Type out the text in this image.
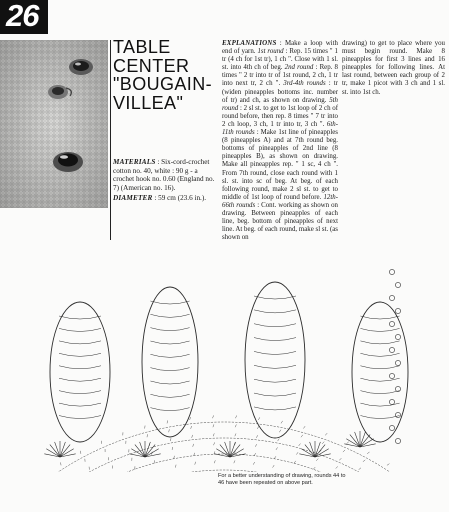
26
TABLE
CENTER
"BOUGAIN-
VILLEA"

MATERIALS : Six-cord-crochet cotton no. 40, white : 90 g - a crochet hook no. 0.60 (England no. 7) (American no. 16).

DIAMETER : 59 cm (23.6 in.).

EXPLANATIONS : Make a loop with end of yarn. 1st round : Rep. 15 times " 1 tr (4 ch for 1st tr), 1 ch ". Close with 1 sl. st. into 4th ch of beg. 2nd round : Rep. 8 times " 2 tr into tr of 1st round, 2 ch, 1 tr into next tr, 2 ch ". 3rd-4th rounds : tr (widen pineapples bottoms inc. number of tr) and ch, as shown on drawing. 5th round : 2 sl st. to get to 1st loop of 2 ch of round before, then rep. 8 times " 7 tr into 2 ch loop, 3 ch, 1 tr into tr, 3 ch ". 6th-11th rounds : Make 1st line of pineapples (8 pineapples A) and at 7th round beg. bottoms of pineapples of 2nd line (8 pineapples B), as shown on drawing. Make all pineapples rep. " 1 sc, 4 ch ". From 7th round, close each round with 1 sl. st. into sc of beg. At beg. of each following round, make 2 sl st. to get to middle of 1st loop of round before. 12th-66th rounds : Cont. working as shown on drawing. Between pineapples of each line, beg. bottom of pineapples of next line. At beg. of each round, make sl st. (as shown on
drawing) to get to place where you must begin round. Make 8 pineapples for first 3 lines and 16 pineapples for following lines. At last round, between each group of 2 tr, make 1 picot with 3 ch and 1 sl. st. into 1st ch.
For a better understanding of drawing, rounds 44 to 46 have been repeated on above part.
